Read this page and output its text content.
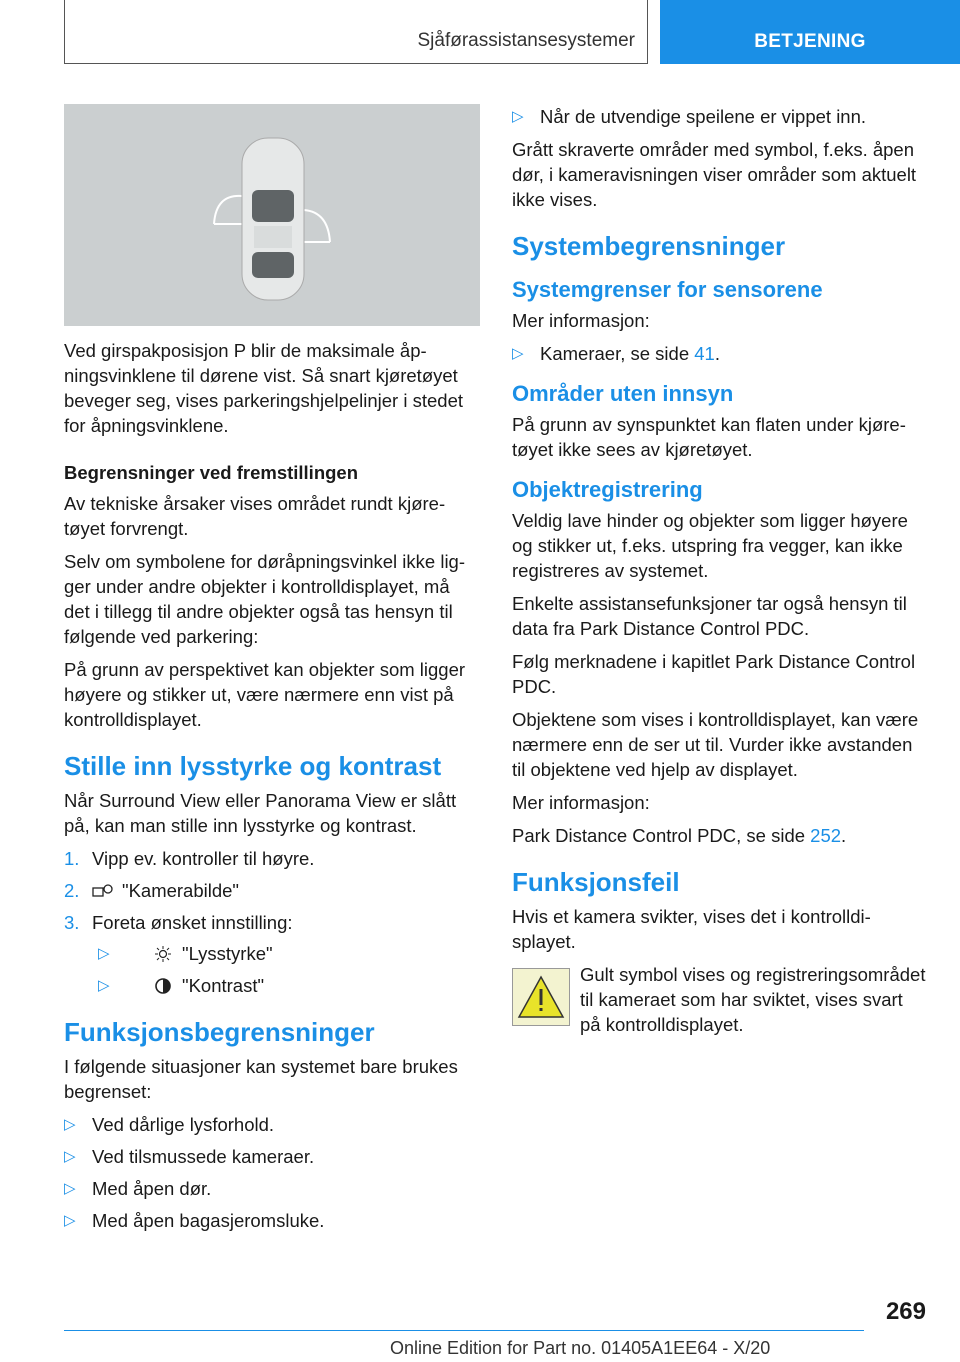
Sjåførassistansesystemer	BETJENING

Ved girspakposisjon P blir de maksimale åpningsvinklene til dørene vist. Så snart kjøretøyet beveger seg, vises parkeringshjelpelinjer i stedet for åpningsvinklene.

Begrensninger ved fremstillingen

Av tekniske årsaker vises området rundt kjøretøyet forvrengt.

Selv om symbolene for døråpningsvinkel ikke ligger under andre objekter i kontrolldisplayet, må det i tillegg til andre objekter også tas hensyn til følgende ved parkering:

På grunn av perspektivet kan objekter som ligger høyere og stikker ut, være nærmere enn vist på kontrolldisplayet.

Stille inn lysstyrke og kontrast

Når Surround View eller Panorama View er slått på, kan man stille inn lysstyrke og kontrast.

1. Vipp ev. kontroller til høyre.
2. "Kamerabilde"
3. Foreta ønsket innstilling:
▷	"Lysstyrke"
▷	"Kontrast"
Funksjonsbegrensninger

I følgende situasjoner kan systemet bare brukes begrenset:

▷ Ved dårlige lysforhold.
▷ Ved tilsmussede kameraer.
▷ Med åpen dør.
▷ Med åpen bagasjeromsluke.
▷ Når de utvendige speilene er vippet inn.

Grått skraverte områder med symbol, f.eks. åpen dør, i kameravisningen viser områder som aktuelt ikke vises.

Systembegrensninger
Systemgrenser for sensorene

Mer informasjon:

▷ Kameraer, se side 41.
Områder uten innsyn

På grunn av synspunktet kan flaten under kjøretøyet ikke sees av kjøretøyet.

Objektregistrering

Veldig lave hinder og objekter som ligger høyere og stikker ut, f.eks. utspring fra vegger, kan ikke registreres av systemet.

Enkelte assistansefunksjoner tar også hensyn til data fra Park Distance Control PDC.

Følg merknadene i kapitlet Park Distance Control PDC.

Objektene som vises i kontrolldisplayet, kan være nærmere enn de ser ut til. Vurder ikke avstanden til objektene ved hjelp av displayet.

Mer informasjon:

Park Distance Control PDC, se side 252.

Funksjonsfeil

Hvis et kamera svikter, vises det i kontrolldisplayet.

Gult symbol vises og registreringsområdet til kameraet som har sviktet, vises svart på kontrolldisplayet.
269
Online Edition for Part no. 01405A1EE64 - X/20
